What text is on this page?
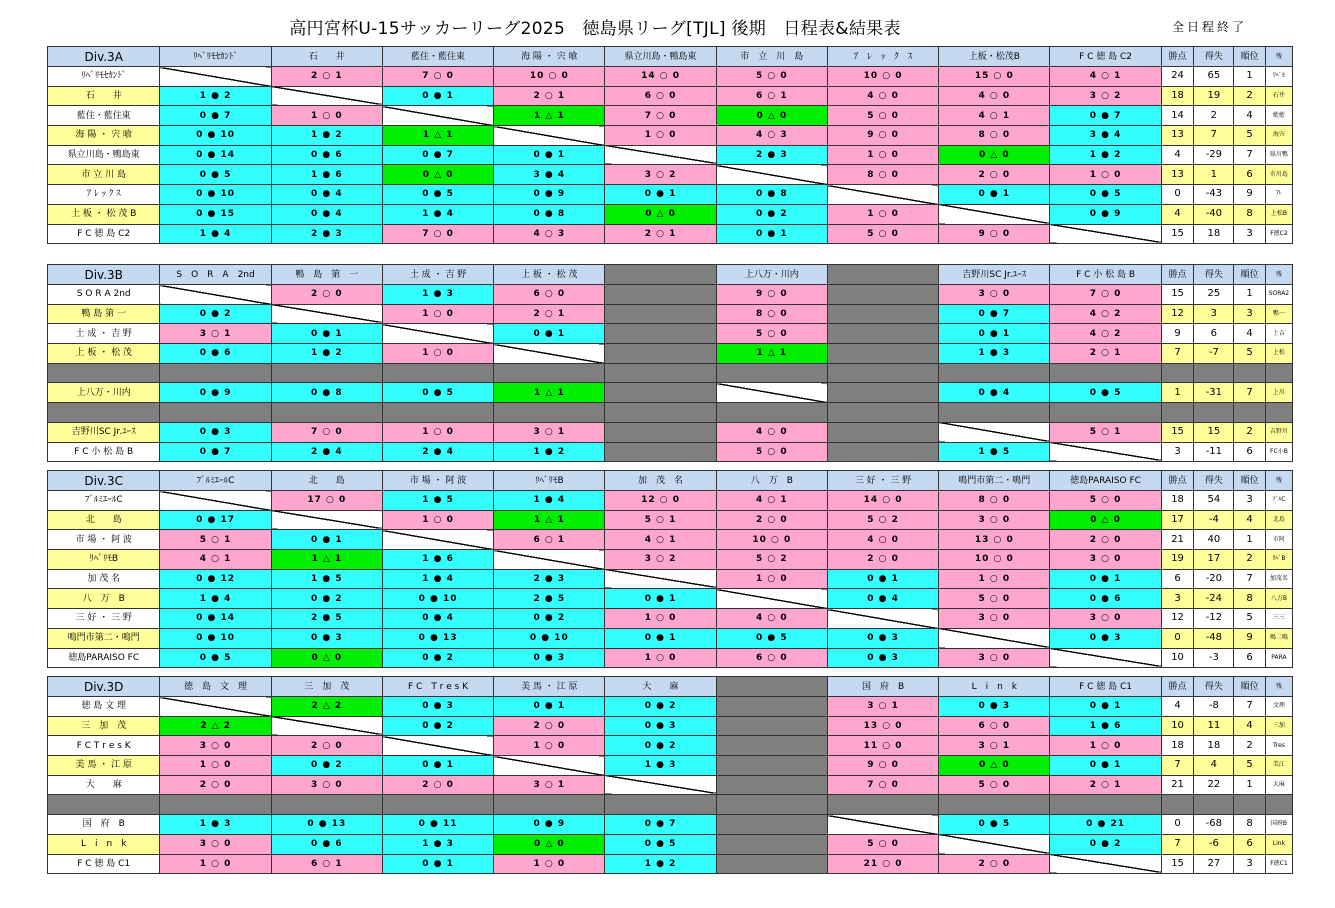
高円宮杯U-15サッカーリーグ2025　徳島県リーグ[TJL] 後期　日程表&結果表	全日程終了
Div.3A	ﾘﾍﾞﾘﾓｾｶﾝﾄﾞ	石　　井	藍住・藍住東	海 陽 ・ 宍 喰	県立川島・鴨島東	市　立　川　島	ｱ　ﾚ　ｯ　ｸ　ｽ	上板・松茂B	F C 徳 島 C2	勝点	得失	順位	残
ﾘﾍﾞﾘﾓｾｶﾝﾄﾞ		2 ○ 1	7 ○ 0	10 ○ 0	14 ○ 0	5 ○ 0	10 ○ 0	15 ○ 0	4 ○ 1	24	65	1	ﾘﾍﾞｾ
石　　井	1 ● 2		0 ● 1	2 ○ 1	6 ○ 0	6 ○ 1	4 ○ 0	4 ○ 0	3 ○ 2	18	19	2	石井
藍住・藍住東	0 ● 7	1 ○ 0		1 △ 1	7 ○ 0	0 △ 0	5 ○ 0	4 ○ 1	0 ● 7	14	2	4	藍藍
海 陽 ・ 宍 喰	0 ● 10	1 ● 2	1 △ 1		1 ○ 0	4 ○ 3	9 ○ 0	8 ○ 0	3 ● 4	13	7	5	海宍
県立川島・鴨島東	0 ● 14	0 ● 6	0 ● 7	0 ● 1		2 ● 3	1 ○ 0	0 △ 0	1 ● 2	4	-29	7	県川鴨
市 立 川 島	0 ● 5	1 ● 6	0 △ 0	3 ● 4	3 ○ 2		8 ○ 0	2 ○ 0	1 ○ 0	13	1	6	市川島
ｱ ﾚ ｯ ｸ ｽ	0 ● 10	0 ● 4	0 ● 5	0 ● 9	0 ● 1	0 ● 8		0 ● 1	0 ● 5	0	-43	9	ｱﾚ
上 板 ・ 松 茂 B	0 ● 15	0 ● 4	1 ● 4	0 ● 8	0 △ 0	0 ● 2	1 ○ 0		0 ● 9	4	-40	8	上松B
F C 徳 島 C2	1 ● 4	2 ● 3	7 ○ 0	4 ○ 3	2 ○ 1	0 ● 1	5 ○ 0	9 ○ 0		15	18	3	F徳C2
Div.3B	S　O　R　A　2nd	鴨　島　第　一	土 成 ・ 吉 野	上 板 ・ 松 茂		上八万・川内		吉野川SC Jr.ﾕｰｽ	F C 小 松 島 B	勝点	得失	順位	残
S O R A 2nd		2 ○ 0	1 ● 3	6 ○ 0		9 ○ 0		3 ○ 0	7 ○ 0	15	25	1	SORA2
鴨 島 第 一	0 ● 2		1 ○ 0	2 ○ 1		8 ○ 0		0 ● 7	4 ○ 2	12	3	3	鴨一
土 成 ・ 吉 野	3 ○ 1	0 ● 1		0 ● 1		5 ○ 0		0 ● 1	4 ○ 2	9	6	4	土吉
上 板 ・ 松 茂	0 ● 6	1 ● 2	1 ○ 0			1 △ 1		1 ● 3	2 ○ 1	7	-7	5	上松

上八万・川内	0 ● 9	0 ● 8	0 ● 5	1 △ 1				0 ● 4	0 ● 5	1	-31	7	上川

吉野川SC Jr.ﾕｰｽ	0 ● 3	7 ○ 0	1 ○ 0	3 ○ 1		4 ○ 0			5 ○ 1	15	15	2	吉野川
F C 小 松 島 B	0 ● 7	2 ● 4	2 ● 4	1 ● 2		5 ○ 0		1 ● 5		3	-11	6	FC小B
Div.3C	ﾌﾞﾙﾐｴｰﾙC	北　　島	市 場 ・ 阿 波	ﾘﾍﾞﾘﾓB	加　茂　名	八　万　B	三 好 ・ 三 野	鳴門市第二・鳴門	徳島PARAISO FC	勝点	得失	順位	残
ﾌﾞﾙﾐｴｰﾙC		17 ○ 0	1 ● 5	1 ● 4	12 ○ 0	4 ○ 1	14 ○ 0	8 ○ 0	5 ○ 0	18	54	3	ﾌﾞﾙC
北　　島	0 ● 17		1 ○ 0	1 △ 1	5 ○ 1	2 ○ 0	5 ○ 2	3 ○ 0	0 △ 0	17	-4	4	北島
市 場 ・ 阿 波	5 ○ 1	0 ● 1		6 ○ 1	4 ○ 1	10 ○ 0	4 ○ 0	13 ○ 0	2 ○ 0	21	40	1	市阿
ﾘﾍﾞﾘﾓB	4 ○ 1	1 △ 1	1 ● 6		3 ○ 2	5 ○ 2	2 ○ 0	10 ○ 0	3 ○ 0	19	17	2	ﾘﾍﾞB
加 茂 名	0 ● 12	1 ● 5	1 ● 4	2 ● 3		1 ○ 0	0 ● 1	1 ○ 0	0 ● 1	6	-20	7	加茂名
八　万　B	1 ● 4	0 ● 2	0 ● 10	2 ● 5	0 ● 1		0 ● 4	5 ○ 0	0 ● 6	3	-24	8	八万B
三 好 ・ 三 野	0 ● 14	2 ● 5	0 ● 4	0 ● 2	1 ○ 0	4 ○ 0		3 ○ 0	3 ○ 0	12	-12	5	三三
鳴門市第二・鳴門	0 ● 10	0 ● 3	0 ● 13	0 ● 10	0 ● 1	0 ● 5	0 ● 3		0 ● 3	0	-48	9	鳴二鳴
徳島PARAISO FC	0 ● 5	0 △ 0	0 ● 2	0 ● 3	1 ○ 0	6 ○ 0	0 ● 3	3 ○ 0		10	-3	6	PARA
Div.3D	徳　島　文　理	三　加　茂	F C　T r e s K	美 馬 ・ 江 原	大　　麻		国　府　B	L　i　n　k	F C 徳 島 C1	勝点	得失	順位	残
徳 島 文 理		2 △ 2	0 ● 3	0 ● 1	0 ● 2		3 ○ 1	0 ● 3	0 ● 1	4	-8	7	文理
三　加　茂	2 △ 2		0 ● 2	2 ○ 0	0 ● 3		13 ○ 0	6 ○ 0	1 ● 6	10	11	4	三加
F C T r e s K	3 ○ 0	2 ○ 0		1 ○ 0	0 ● 2		11 ○ 0	3 ○ 1	1 ○ 0	18	18	2	Tres
美 馬 ・ 江 原	1 ○ 0	0 ● 2	0 ● 1		1 ● 3		9 ○ 0	0 △ 0	0 ● 1	7	4	5	美江
大　　麻	2 ○ 0	3 ○ 0	2 ○ 0	3 ○ 1			7 ○ 0	5 ○ 0	2 ○ 1	21	22	1	大麻

国　府　B	1 ● 3	0 ● 13	0 ● 11	0 ● 9	0 ● 7			0 ● 5	0 ● 21	0	-68	8	国府B
L　i　n　k	3 ○ 0	0 ● 6	1 ● 3	0 △ 0	0 ● 5		5 ○ 0		0 ● 2	7	-6	6	Link
F C 徳 島 C1	1 ○ 0	6 ○ 1	0 ● 1	1 ○ 0	1 ● 2		21 ○ 0	2 ○ 0		15	27	3	F徳C1
